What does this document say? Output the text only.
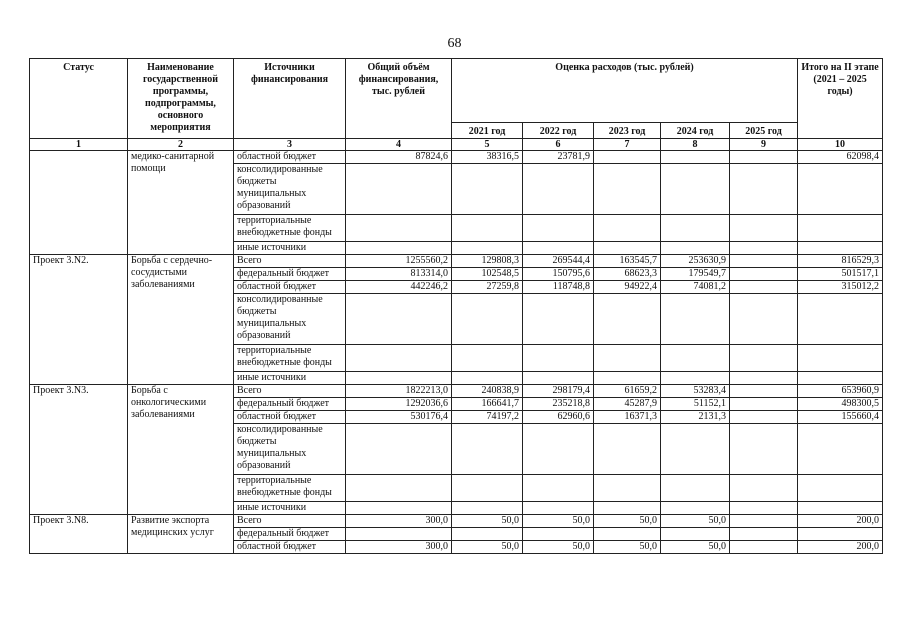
68
Статус	Наименование государственной программы, подпрограммы, основного мероприятия	Источники финансирования	Общий объём финансирования, тыс. рублей	Оценка расходов (тыс. рублей)					Итого на II этапе (2021 – 2025 годы)
				2021 год	2022 год	2023 год	2024 год	2025 год	
1	2	3	4	5	6	7	8	9	10
	медико-санитарной помощи	областной бюджет	87824,6	38316,5	23781,9				62098,4
		консолидированные бюджеты муниципальных образований							
		территориальные внебюджетные фонды							
		иные источники							
Проект 3.N2.	Борьба с сердечно-сосудистыми заболеваниями	Всего	1255560,2	129808,3	269544,4	163545,7	253630,9		816529,3
		федеральный бюджет	813314,0	102548,5	150795,6	68623,3	179549,7		501517,1
		областной бюджет	442246,2	27259,8	118748,8	94922,4	74081,2		315012,2
		консолидированные бюджеты муниципальных образований							
		территориальные внебюджетные фонды							
		иные источники							
Проект 3.N3.	Борьба с онкологическими заболеваниями	Всего	1822213,0	240838,9	298179,4	61659,2	53283,4		653960,9
		федеральный бюджет	1292036,6	166641,7	235218,8	45287,9	51152,1		498300,5
		областной бюджет	530176,4	74197,2	62960,6	16371,3	2131,3		155660,4
		консолидированные бюджеты муниципальных образований							
		территориальные внебюджетные фонды							
		иные источники							
Проект 3.N8.	Развитие экспорта медицинских услуг	Всего	300,0	50,0	50,0	50,0	50,0		200,0
		федеральный бюджет							
		областной бюджет	300,0	50,0	50,0	50,0	50,0		200,0
